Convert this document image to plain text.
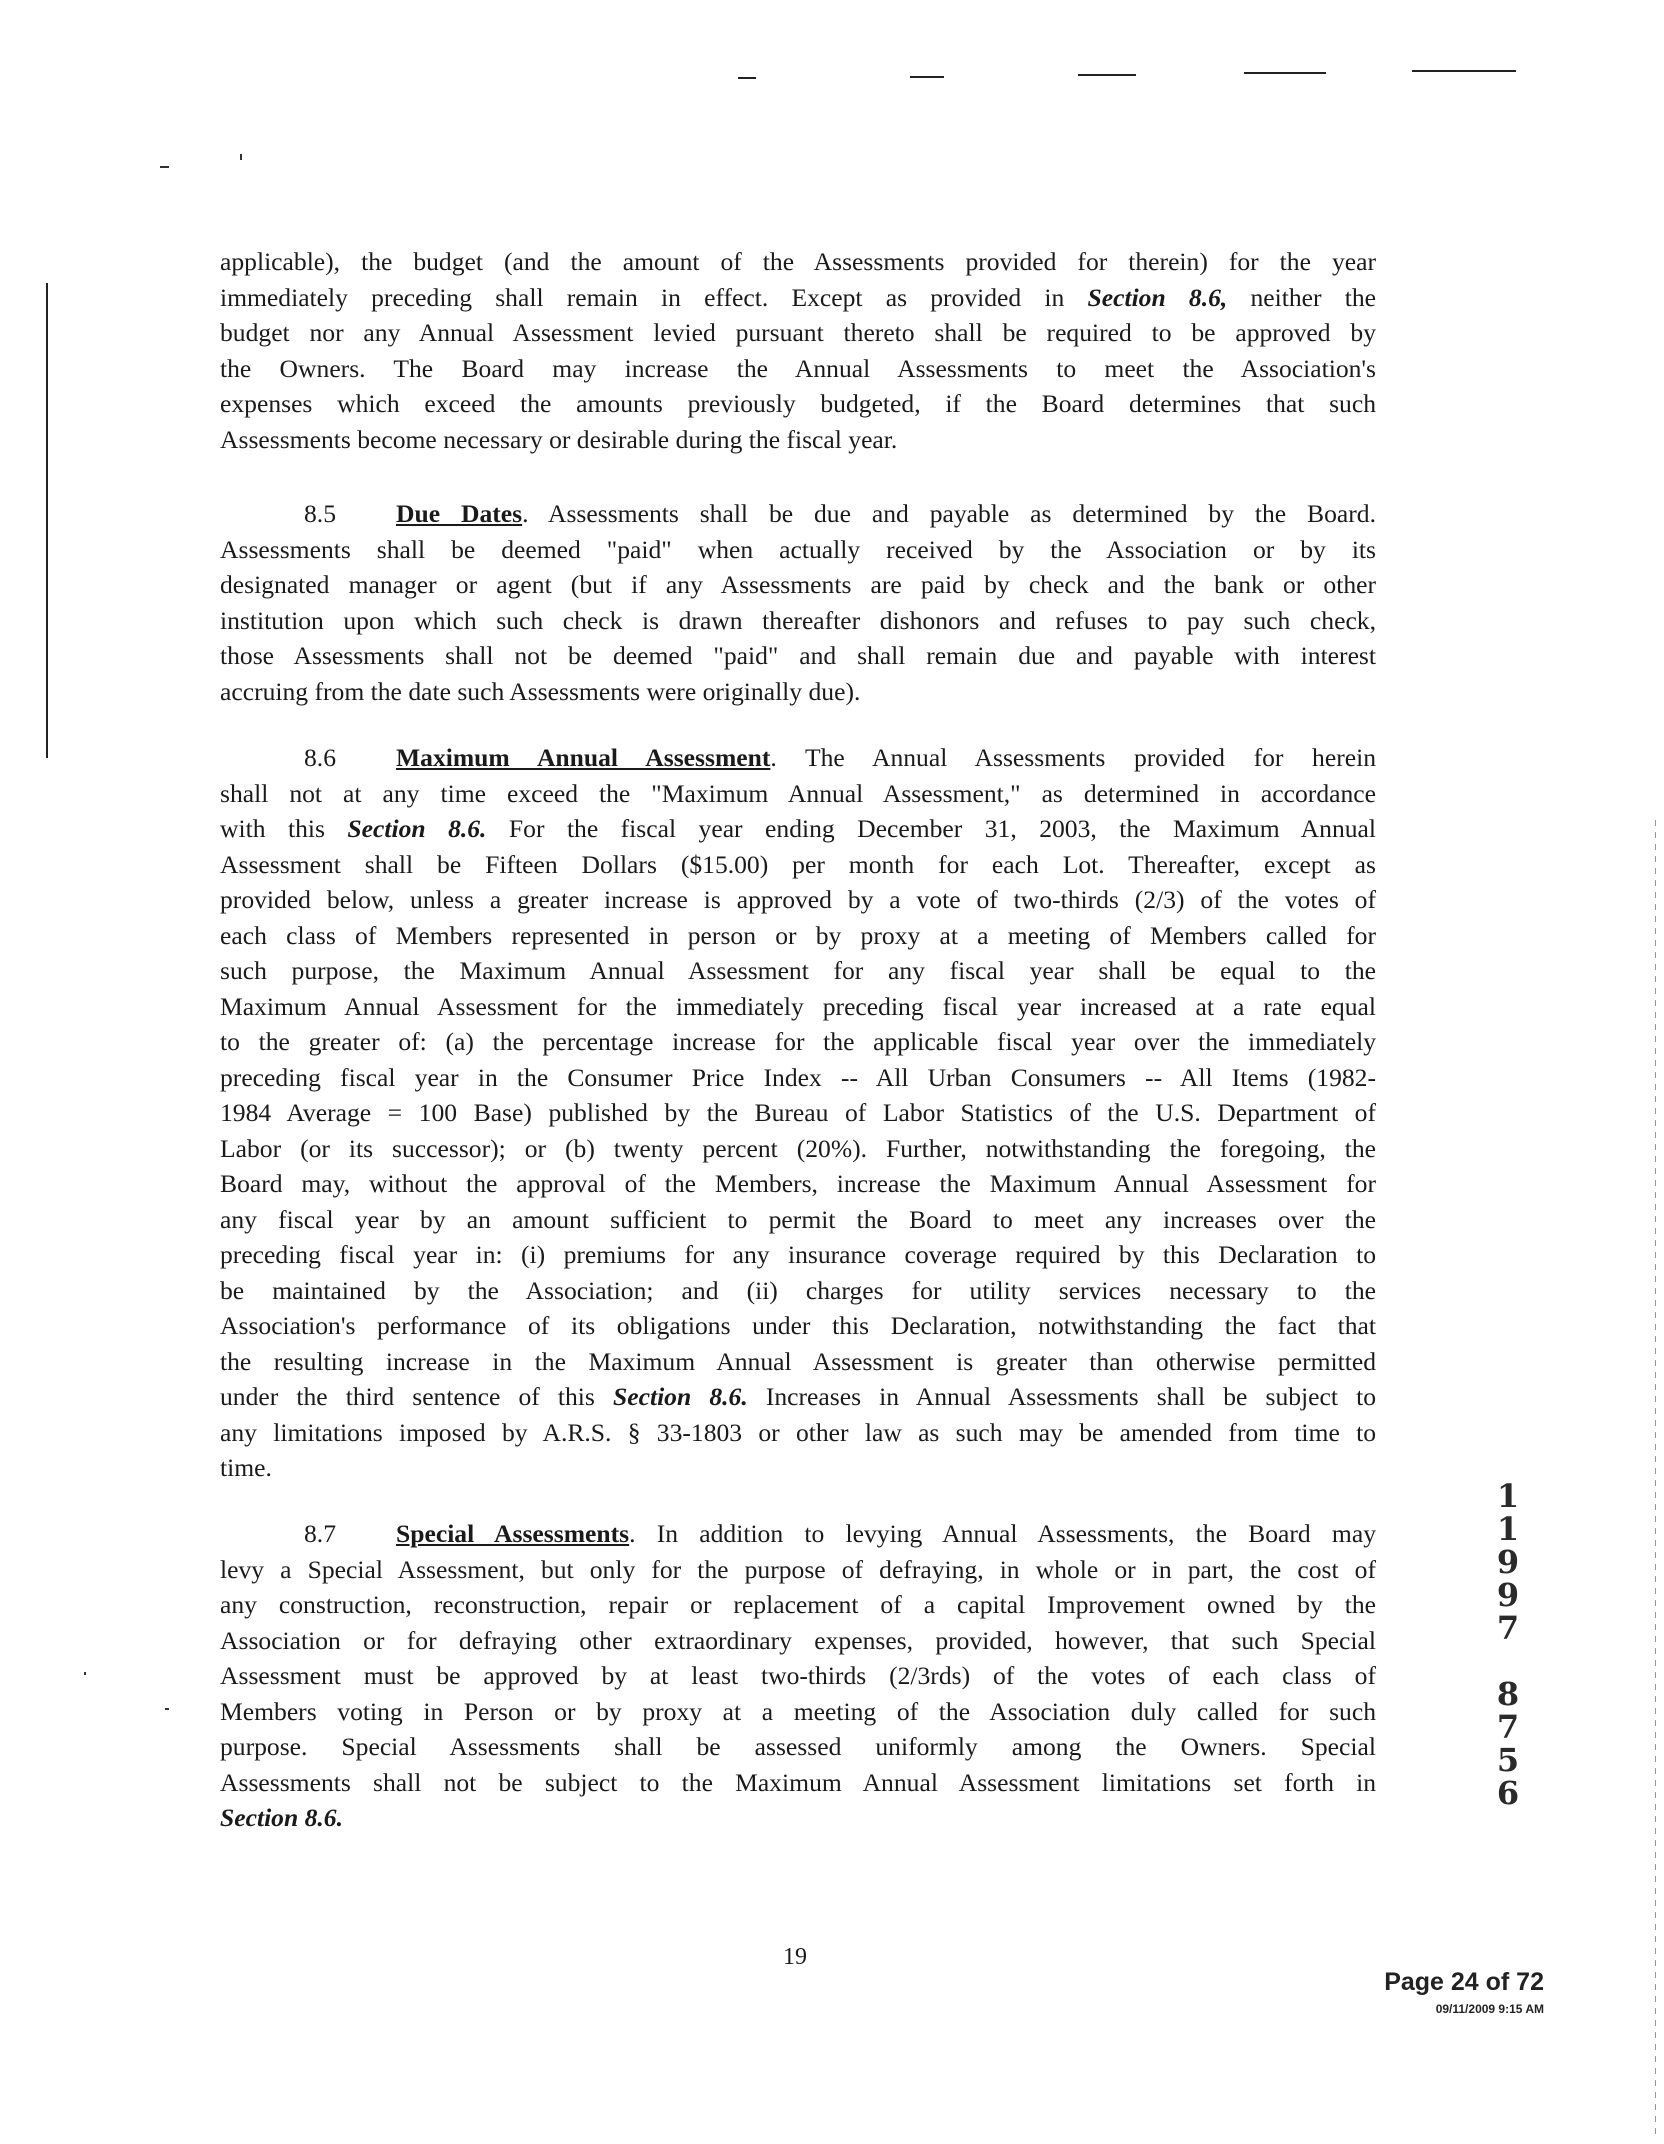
applicable), the budget (and the amount of the Assessments provided for therein) for the year
immediately preceding shall remain in effect. Except as provided in Section 8.6, neither the
budget nor any Annual Assessment levied pursuant thereto shall be required to be approved by
the Owners. The Board may increase the Annual Assessments to meet the Association's
expenses which exceed the amounts previously budgeted, if the Board determines that such
Assessments become necessary or desirable during the fiscal year.
8.5 Due Dates. Assessments shall be due and payable as determined by the Board.
Assessments shall be deemed "paid" when actually received by the Association or by its
designated manager or agent (but if any Assessments are paid by check and the bank or other
institution upon which such check is drawn thereafter dishonors and refuses to pay such check,
those Assessments shall not be deemed "paid" and shall remain due and payable with interest
accruing from the date such Assessments were originally due).
8.6 Maximum Annual Assessment. The Annual Assessments provided for herein
shall not at any time exceed the "Maximum Annual Assessment," as determined in accordance
with this Section 8.6. For the fiscal year ending December 31, 2003, the Maximum Annual
Assessment shall be Fifteen Dollars ($15.00) per month for each Lot. Thereafter, except as
provided below, unless a greater increase is approved by a vote of two-thirds (2/3) of the votes of
each class of Members represented in person or by proxy at a meeting of Members called for
such purpose, the Maximum Annual Assessment for any fiscal year shall be equal to the
Maximum Annual Assessment for the immediately preceding fiscal year increased at a rate equal
to the greater of: (a) the percentage increase for the applicable fiscal year over the immediately
preceding fiscal year in the Consumer Price Index -- All Urban Consumers -- All Items (1982-
1984 Average = 100 Base) published by the Bureau of Labor Statistics of the U.S. Department of
Labor (or its successor); or (b) twenty percent (20%). Further, notwithstanding the foregoing, the
Board may, without the approval of the Members, increase the Maximum Annual Assessment for
any fiscal year by an amount sufficient to permit the Board to meet any increases over the
preceding fiscal year in: (i) premiums for any insurance coverage required by this Declaration to
be maintained by the Association; and (ii) charges for utility services necessary to the
Association's performance of its obligations under this Declaration, notwithstanding the fact that
the resulting increase in the Maximum Annual Assessment is greater than otherwise permitted
under the third sentence of this Section 8.6. Increases in Annual Assessments shall be subject to
any limitations imposed by A.R.S. § 33-1803 or other law as such may be amended from time to
time.
8.7 Special Assessments. In addition to levying Annual Assessments, the Board may
levy a Special Assessment, but only for the purpose of defraying, in whole or in part, the cost of
any construction, reconstruction, repair or replacement of a capital Improvement owned by the
Association or for defraying other extraordinary expenses, provided, however, that such Special
Assessment must be approved by at least two-thirds (2/3rds) of the votes of each class of
Members voting in Person or by proxy at a meeting of the Association duly called for such
purpose. Special Assessments shall be assessed uniformly among the Owners. Special
Assessments shall not be subject to the Maximum Annual Assessment limitations set forth in
Section 8.6.
1
1
9
9
7
8
7
5
6
19
Page 24 of 72
09/11/2009 9:15 AM
